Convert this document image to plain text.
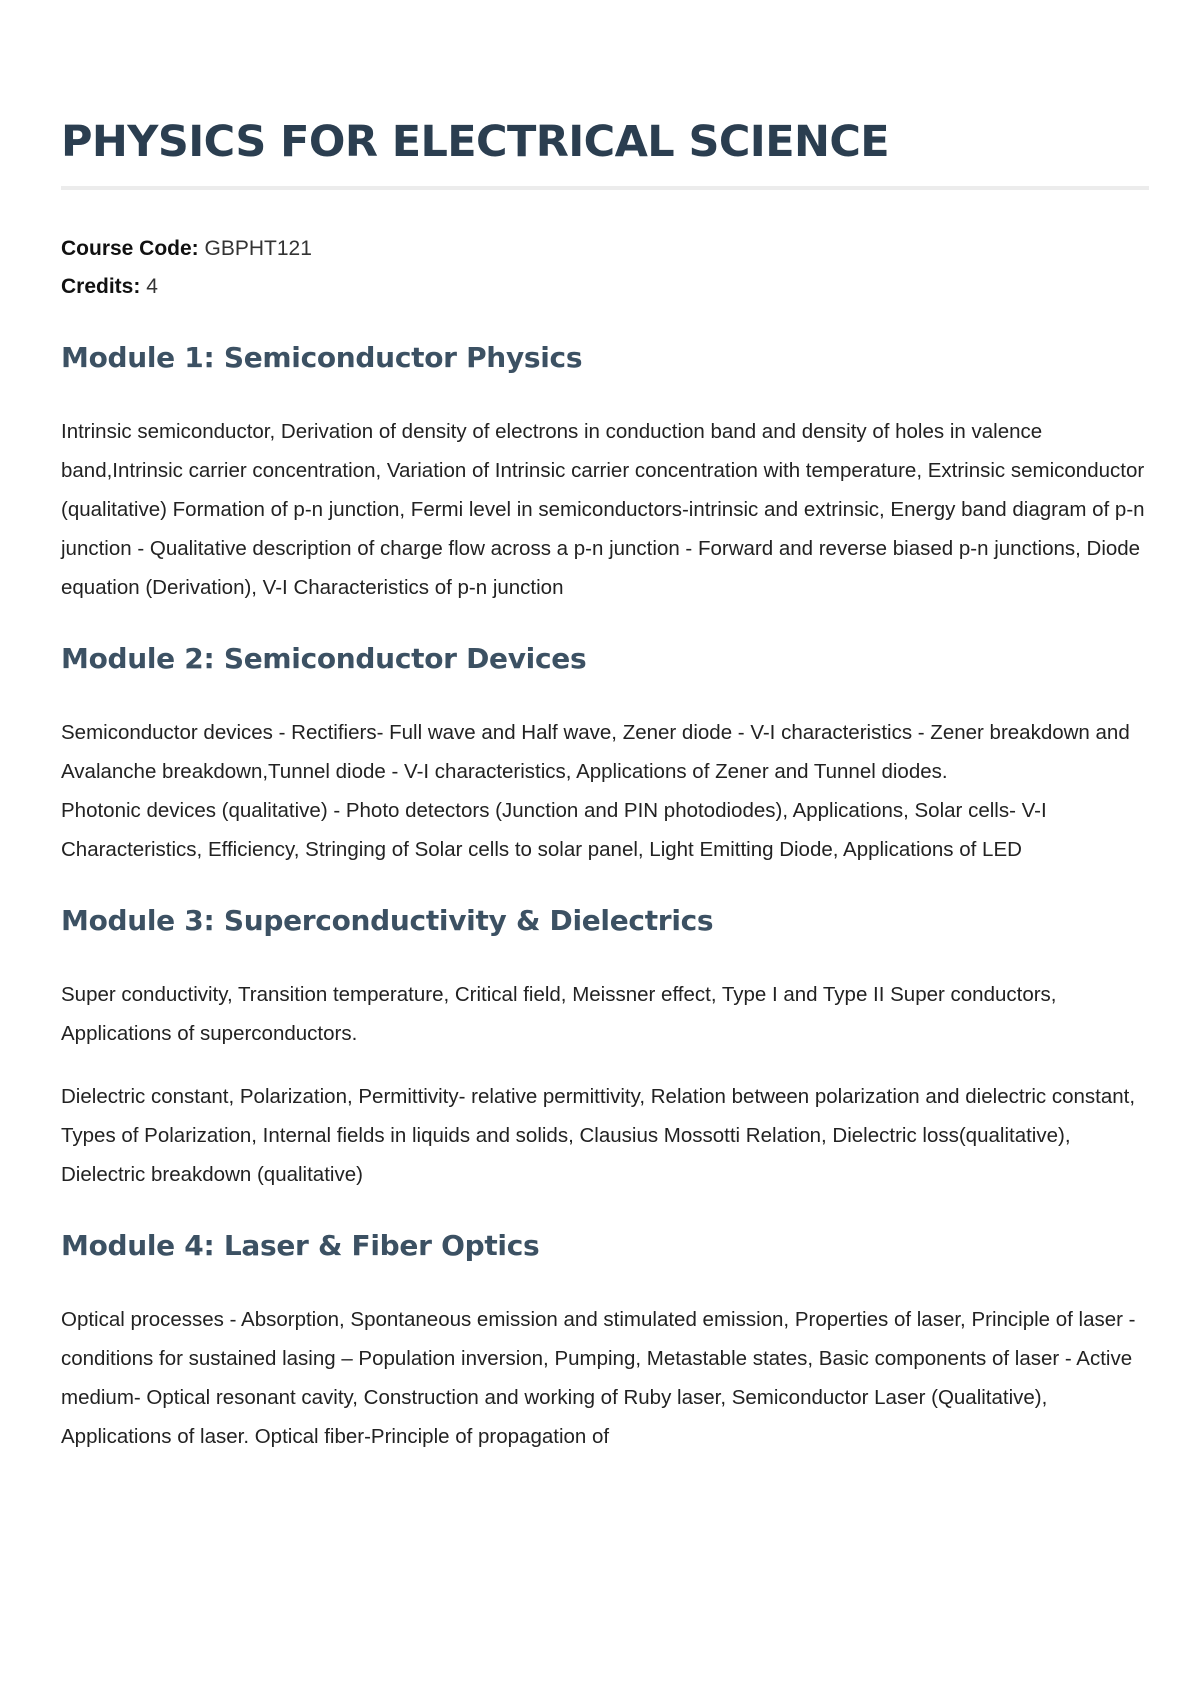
PHYSICS FOR ELECTRICAL SCIENCE
Course Code: GBPHT121
Credits: 4
Module 1: Semiconductor Physics

Intrinsic semiconductor, Derivation of density of electrons in conduction band and density of holes in valence band,Intrinsic carrier concentration, Variation of Intrinsic carrier concentration with temperature, Extrinsic semiconductor (qualitative) Formation of p-n junction, Fermi level in semiconductors-intrinsic and extrinsic, Energy band diagram of p-n junction - Qualitative description of charge flow across a p-n junction - Forward and reverse biased p-n junctions, Diode equation (Derivation), V-I Characteristics of p-n junction

Module 2: Semiconductor Devices

Semiconductor devices - Rectifiers- Full wave and Half wave, Zener diode - V-I characteristics - Zener breakdown and Avalanche breakdown,Tunnel diode - V-I characteristics, Applications of Zener and Tunnel diodes.

Photonic devices (qualitative) - Photo detectors (Junction and PIN photodiodes), Applications, Solar cells- V-I Characteristics, Efficiency, Stringing of Solar cells to solar panel, Light Emitting Diode, Applications of LED

Module 3: Superconductivity & Dielectrics

Super conductivity, Transition temperature, Critical field, Meissner effect, Type I and Type II Super conductors, Applications of superconductors.

Dielectric constant, Polarization, Permittivity- relative permittivity, Relation between polarization and dielectric constant, Types of Polarization, Internal fields in liquids and solids, Clausius Mossotti Relation, Dielectric loss(qualitative), Dielectric breakdown (qualitative)

Module 4: Laser & Fiber Optics

Optical processes - Absorption, Spontaneous emission and stimulated emission, Properties of laser, Principle of laser - conditions for sustained lasing – Population inversion, Pumping, Metastable states, Basic components of laser - Active medium- Optical resonant cavity, Construction and working of Ruby laser, Semiconductor Laser (Qualitative), Applications of laser. Optical fiber-Principle of propagation of
